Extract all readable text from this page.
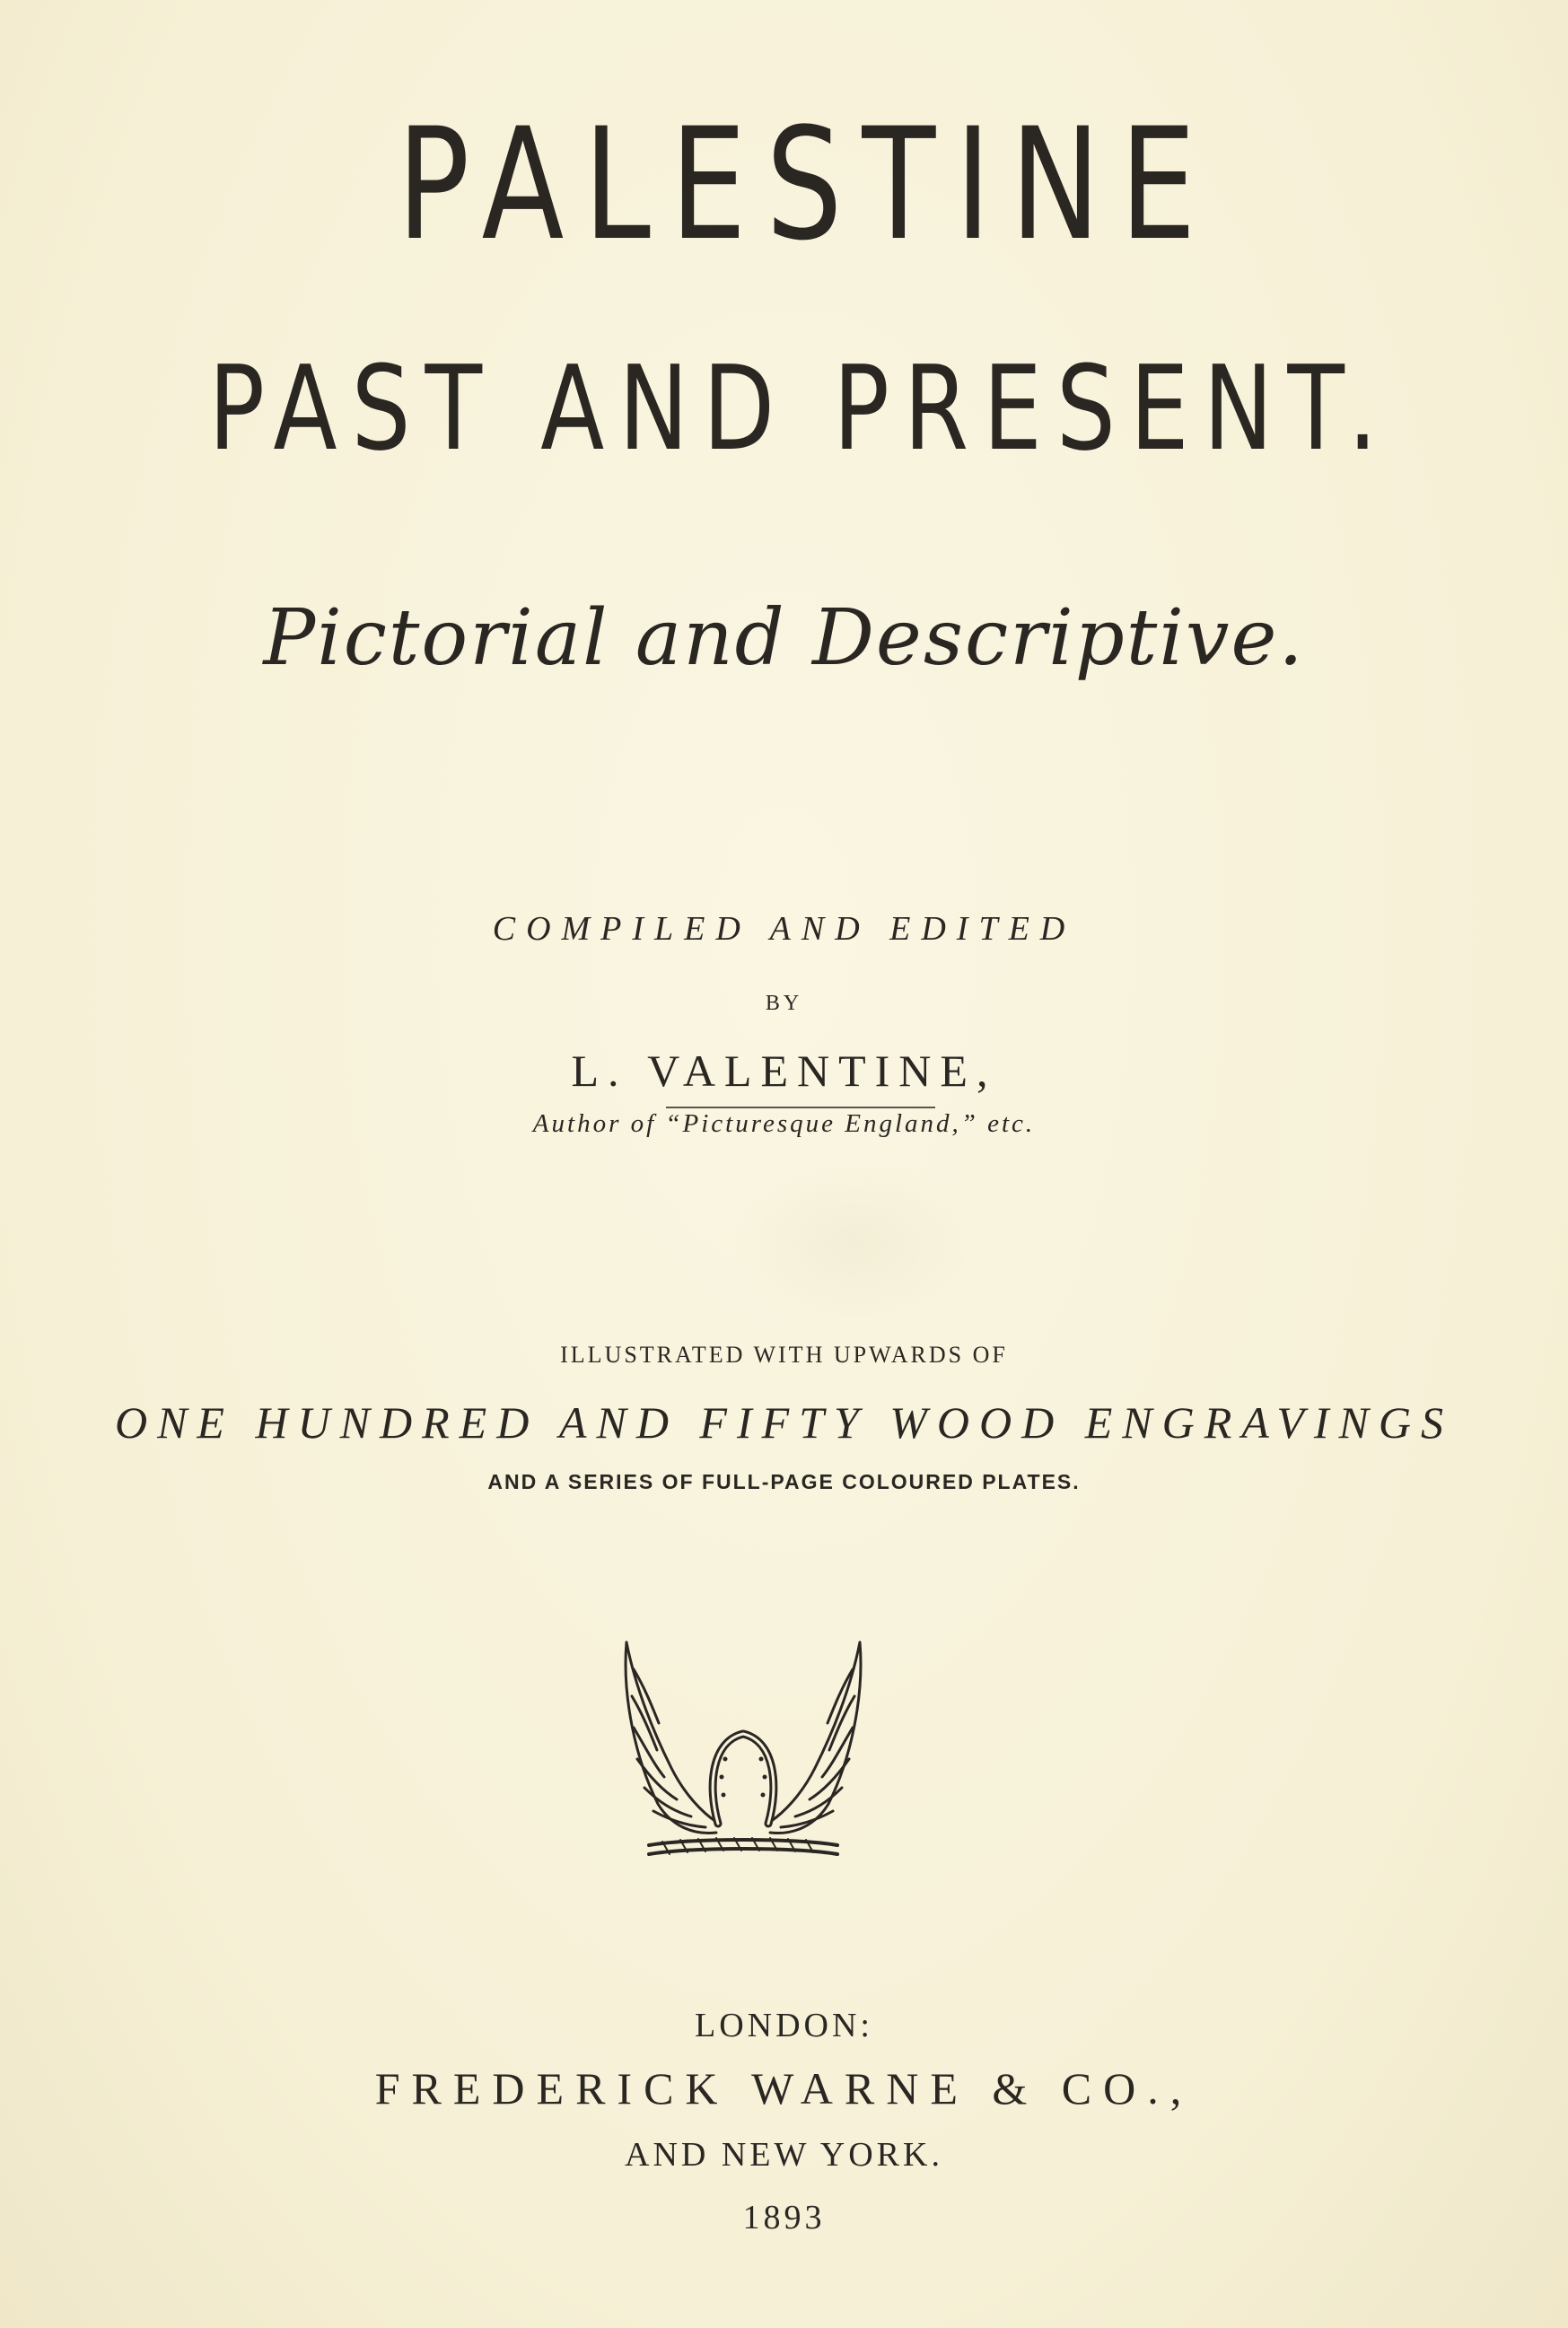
PALESTINE
PAST AND PRESENT.
Pictorial and Descriptive.
COMPILED AND EDITED
BY
L. VALENTINE,
Author of “Picturesque England,” etc.
ILLUSTRATED WITH UPWARDS OF
ONE HUNDRED AND FIFTY WOOD ENGRAVINGS
AND A SERIES OF FULL-PAGE COLOURED PLATES.
LONDON:
FREDERICK WARNE & CO.,
AND NEW YORK.
1893
